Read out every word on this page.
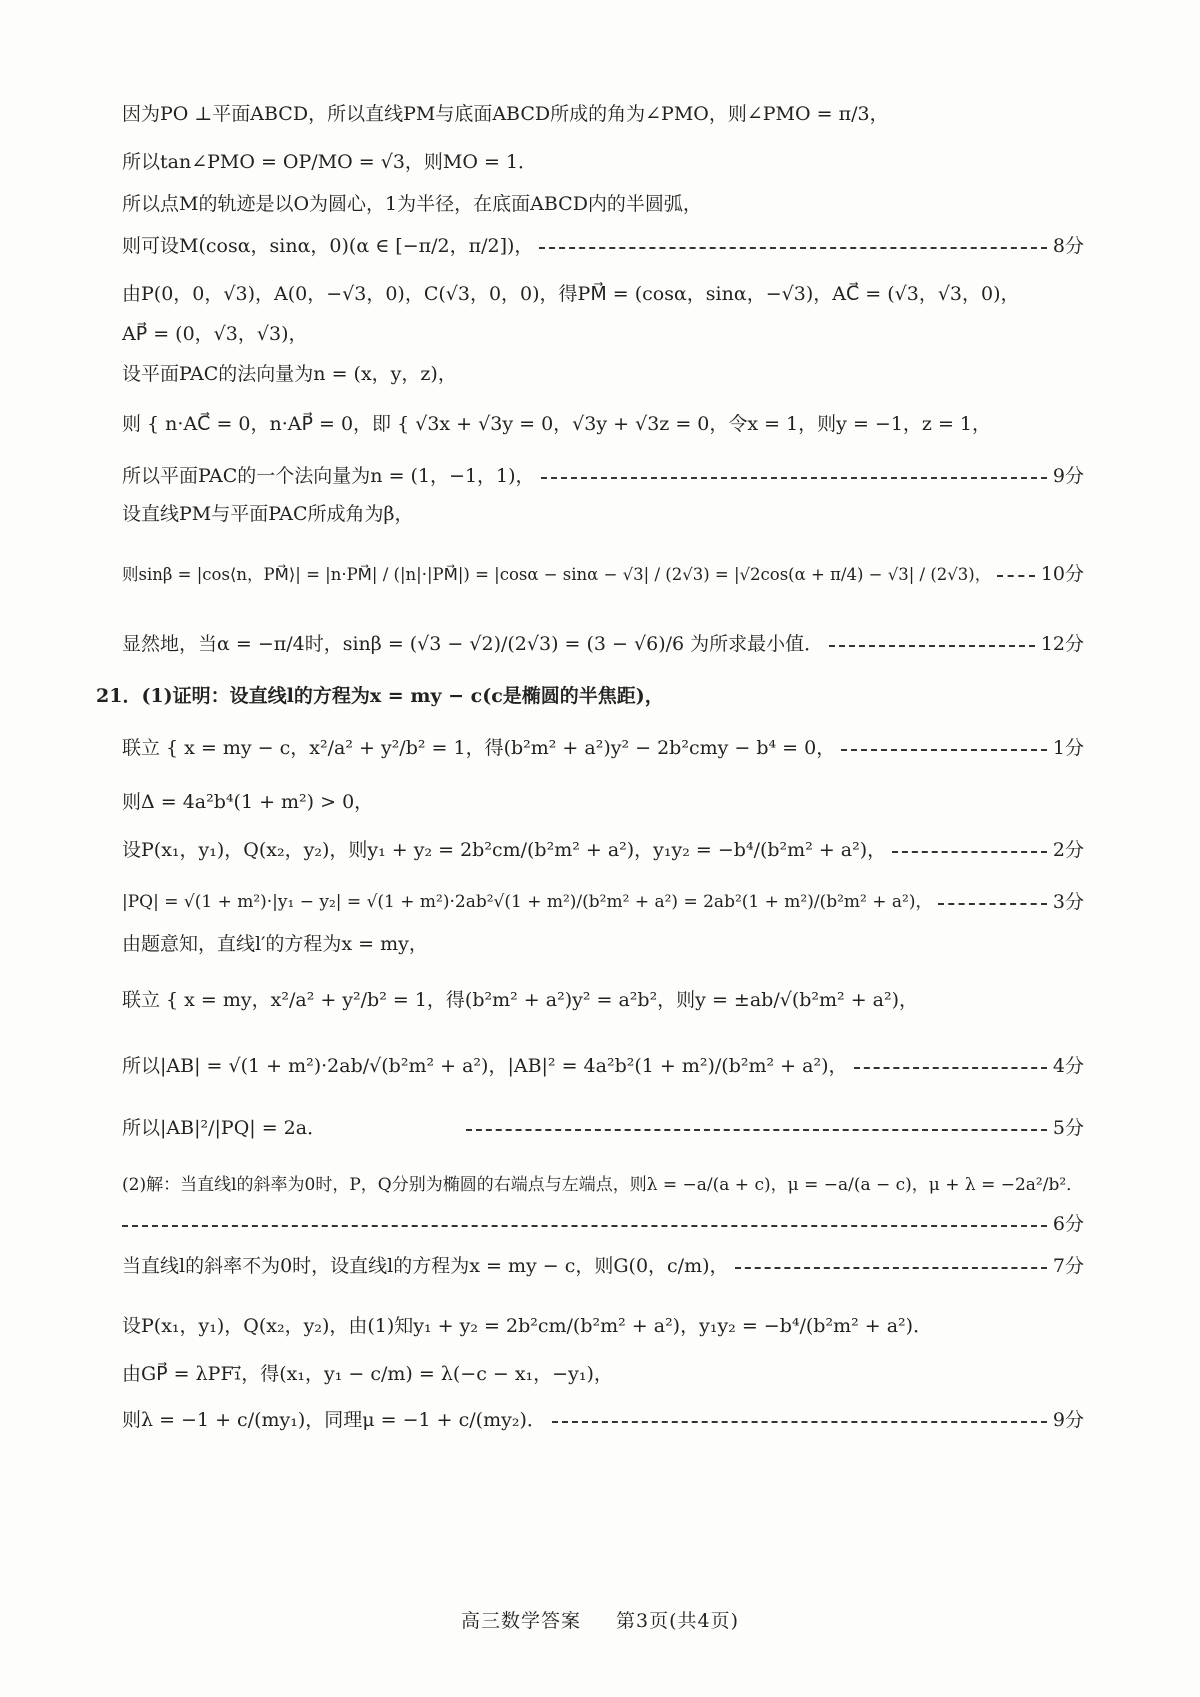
因为PO ⊥平面ABCD，所以直线PM与底面ABCD所成的角为∠PMO，则∠PMO = π/3，
所以tan∠PMO = OP/MO = √3，则MO = 1．
所以点M的轨迹是以O为圆心，1为半径，在底面ABCD内的半圆弧，
则可设M(cosα，sinα，0)(α ∈ [−π/2，π/2])，	8分
由P(0，0，√3)，A(0，−√3，0)，C(√3，0，0)，得PM⃗ = (cosα，sinα，−√3)，AC⃗ = (√3，√3，0)，
AP⃗ = (0，√3，√3)，
设平面PAC的法向量为n = (x，y，z)，
则 { n·AC⃗ = 0，n·AP⃗ = 0，即 { √3x + √3y = 0，√3y + √3z = 0，令x = 1，则y = −1，z = 1，
所以平面PAC的一个法向量为n = (1，−1，1)，	9分
设直线PM与平面PAC所成角为β，
则sinβ = |cos⟨n，PM⃗⟩| = |n·PM⃗| / (|n|·|PM⃗|) = |cosα − sinα − √3| / (2√3) = |√2cos(α + π/4) − √3| / (2√3)，	10分
显然地，当α = −π/4时，sinβ = (√3 − √2)/(2√3) = (3 − √6)/6 为所求最小值．	12分
21．(1)证明：设直线l的方程为x = my − c(c是椭圆的半焦距)，
联立 { x = my − c，x²/a² + y²/b² = 1，得(b²m² + a²)y² − 2b²cmy − b⁴ = 0，	1分
则Δ = 4a²b⁴(1 + m²) > 0，
设P(x₁，y₁)，Q(x₂，y₂)，则y₁ + y₂ = 2b²cm/(b²m² + a²)，y₁y₂ = −b⁴/(b²m² + a²)，	2分
|PQ| = √(1 + m²)·|y₁ − y₂| = √(1 + m²)·2ab²√(1 + m²)/(b²m² + a²) = 2ab²(1 + m²)/(b²m² + a²)，	3分
由题意知，直线l′的方程为x = my，
联立 { x = my，x²/a² + y²/b² = 1，得(b²m² + a²)y² = a²b²，则y = ±ab/√(b²m² + a²)，
所以|AB| = √(1 + m²)·2ab/√(b²m² + a²)，|AB|² = 4a²b²(1 + m²)/(b²m² + a²)，	4分
所以|AB|²/|PQ| = 2a．	5分
(2)解：当直线l的斜率为0时，P，Q分别为椭圆的右端点与左端点，则λ = −a/(a + c)，μ = −a/(a − c)，μ + λ = −2a²/b²．
6分
当直线l的斜率不为0时，设直线l的方程为x = my − c，则G(0，c/m)，	7分
设P(x₁，y₁)，Q(x₂，y₂)，由(1)知y₁ + y₂ = 2b²cm/(b²m² + a²)，y₁y₂ = −b⁴/(b²m² + a²)．
由GP⃗ = λPF₁⃗，得(x₁，y₁ − c/m) = λ(−c − x₁，−y₁)，
则λ = −1 + c/(my₁)，同理μ = −1 + c/(my₂)．	9分
高三数学答案 第3页(共4页)
